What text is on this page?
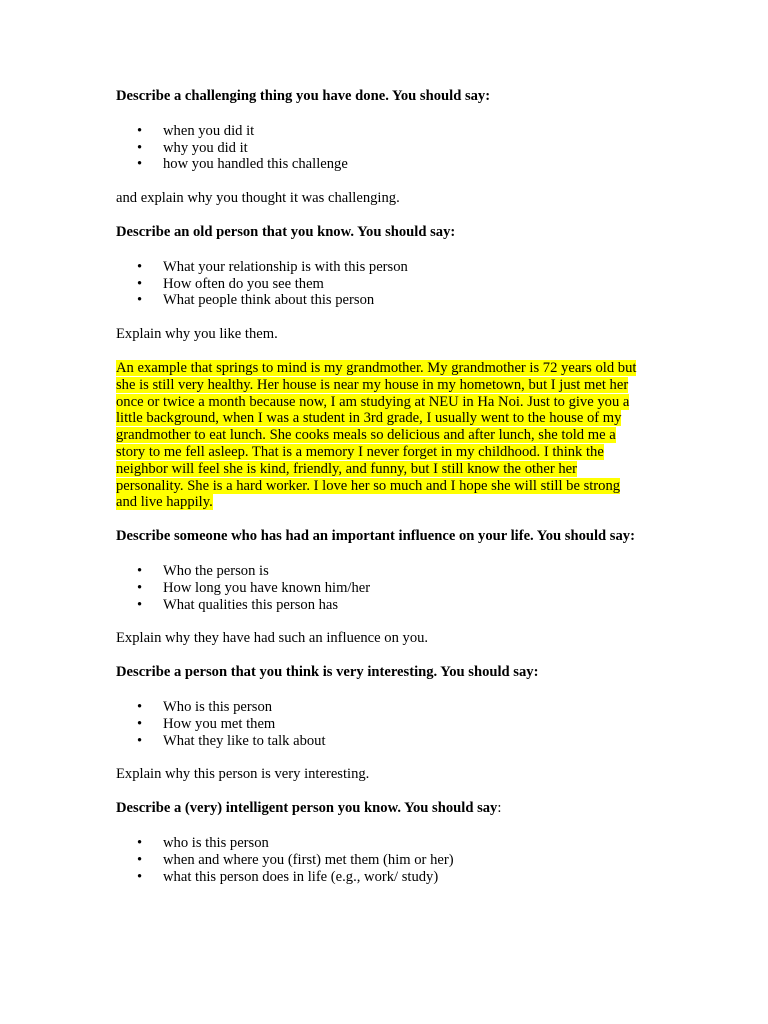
Describe a challenging thing you have done. You should say:

• when you did it
• why you did it
• how you handled this challenge

and explain why you thought it was challenging.

Describe an old person that you know. You should say:

• What your relationship is with this person
• How often do you see them
• What people think about this person

Explain why you like them.

An example that springs to mind is my grandmother. My grandmother is 72 years old but she is still very healthy. Her house is near my house in my hometown, but I just met her once or twice a month because now, I am studying at NEU in Ha Noi. Just to give you a little background, when I was a student in 3rd grade, I usually went to the house of my grandmother to eat lunch. She cooks meals so delicious and after lunch, she told me a story to me fell asleep. That is a memory I never forget in my childhood. I think the neighbor will feel she is kind, friendly, and funny, but I still know the other her personality. She is a hard worker. I love her so much and I hope she will still be strong and live happily.

Describe someone who has had an important influence on your life. You should say:

• Who the person is
• How long you have known him/her
• What qualities this person has

Explain why they have had such an influence on you.

Describe a person that you think is very interesting. You should say:

• Who is this person
• How you met them
• What they like to talk about

Explain why this person is very interesting.

Describe a (very) intelligent person you know. You should say:

• who is this person
• when and where you (first) met them (him or her)
• what this person does in life (e.g., work/ study)
